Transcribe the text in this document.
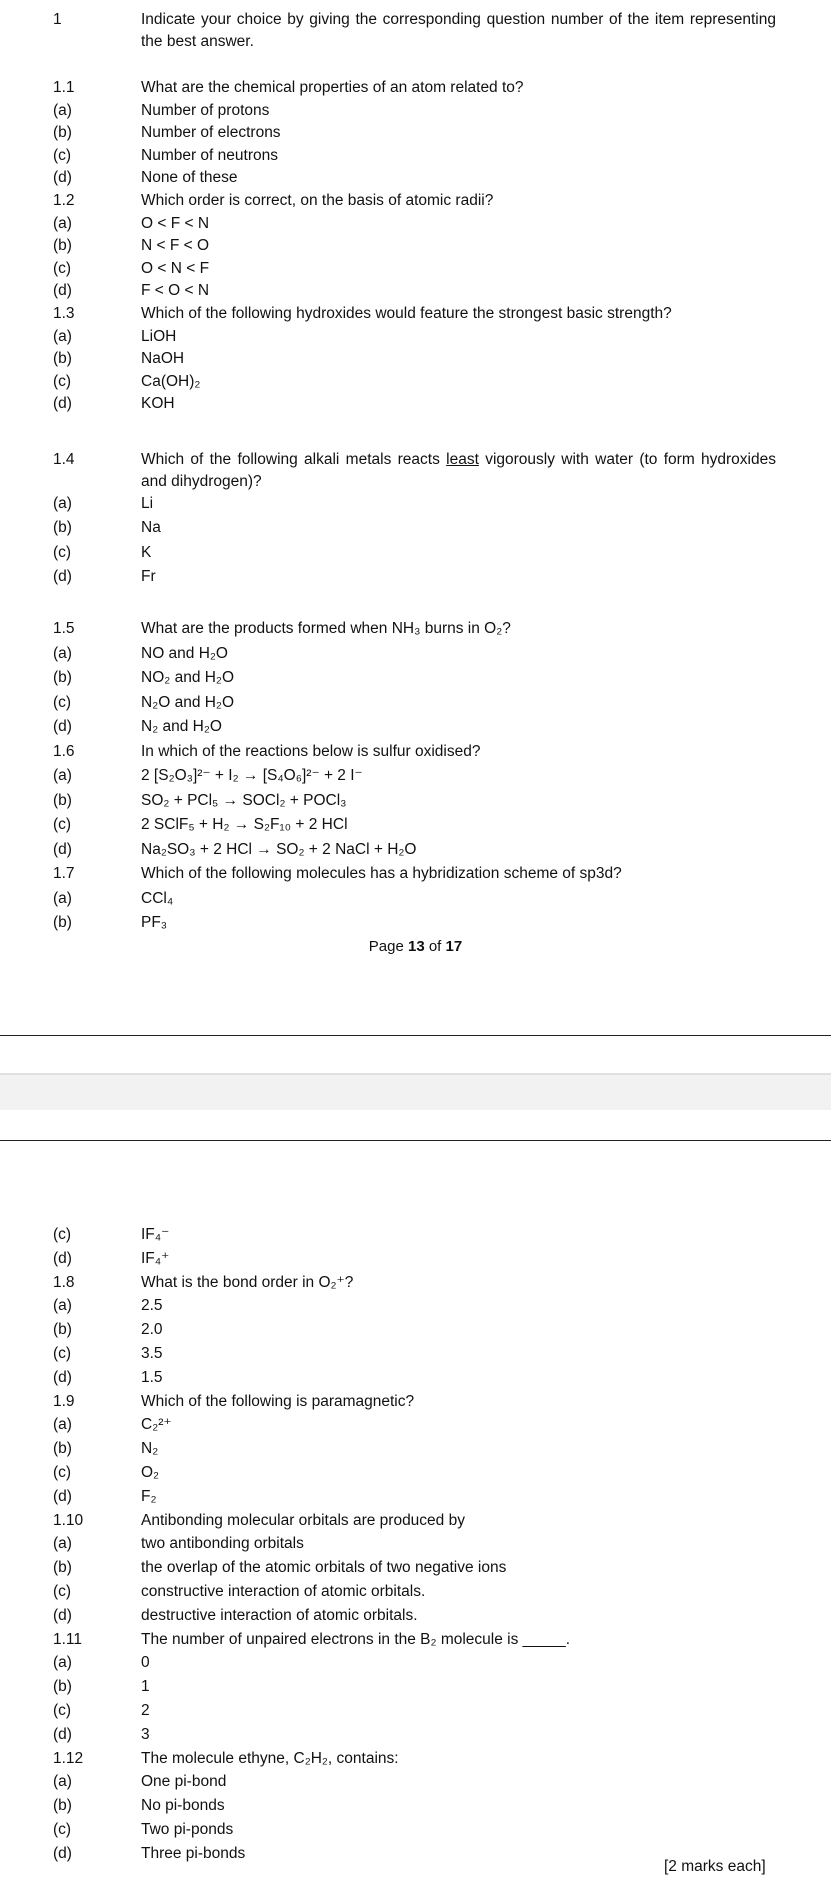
1	Indicate your choice by giving the corresponding question number of the item representing the best answer.
1.1	What are the chemical properties of an atom related to?
(a)	Number of protons
(b)	Number of electrons
(c)	Number of neutrons
(d)	None of these
1.2	Which order is correct, on the basis of atomic radii?
(a)	O < F < N
(b)	N < F < O
(c)	O < N < F
(d)	F < O < N
1.3	Which of the following hydroxides would feature the strongest basic strength?
(a)	LiOH
(b)	NaOH
(c)	Ca(OH)₂
(d)	KOH
1.4	Which of the following alkali metals reacts least vigorously with water (to form hydroxides and dihydrogen)?
(a)	Li
(b)	Na
(c)	K
(d)	Fr
1.5	What are the products formed when NH₃ burns in O₂?
(a)	NO and H₂O
(b)	NO₂ and H₂O
(c)	N₂O and H₂O
(d)	N₂ and H₂O
1.6	In which of the reactions below is sulfur oxidised?
(a)	2 [S₂O₃]²⁻ + I₂ → [S₄O₆]²⁻ + 2 I⁻
(b)	SO₂ + PCl₅ → SOCl₂ + POCl₃
(c)	2 SClF₅ + H₂ → S₂F₁₀ + 2 HCl
(d)	Na₂SO₃ + 2 HCl → SO₂ + 2 NaCl + H₂O
1.7	Which of the following molecules has a hybridization scheme of sp3d?
(a)	CCl₄
(b)	PF₃
Page 13 of 17
(c)	IF₄⁻
(d)	IF₄⁺
1.8	What is the bond order in O₂⁺?
(a)	2.5
(b)	2.0
(c)	3.5
(d)	1.5
1.9	Which of the following is paramagnetic?
(a)	C₂²⁺
(b)	N₂
(c)	O₂
(d)	F₂
1.10	Antibonding molecular orbitals are produced by
(a)	two antibonding orbitals
(b)	the overlap of the atomic orbitals of two negative ions
(c)	constructive interaction of atomic orbitals.
(d)	destructive interaction of atomic orbitals.
1.11	The number of unpaired electrons in the B₂ molecule is _____.
(a)	0
(b)	1
(c)	2
(d)	3
1.12	The molecule ethyne, C₂H₂, contains:
(a)	One pi-bond
(b)	No pi-bonds
(c)	Two pi-ponds
(d)	Three pi-bonds
[2 marks each]
